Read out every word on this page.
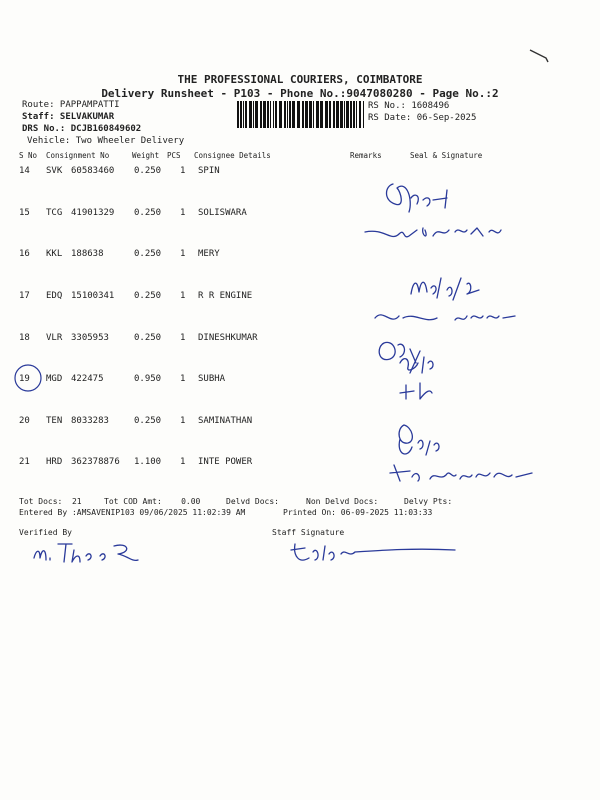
THE PROFESSIONAL COURIERS, COIMBATORE
Delivery Runsheet - P103 - Phone No.:9047080280 - Page No.:2
Route: PAPPAMPATTI
Staff: SELVAKUMAR
DRS No.: DCJB160849602
Vehicle: Two Wheeler Delivery
RS No.: 1608496
RS Date: 06-Sep-2025
S No Consignment No	Weight PCS Consignee Details	Remarks	Seal & Signature
14 SVK 60583460 0.250 1 SPIN
15 TCG 41901329 0.250 1 SOLISWARA
16 KKL 188638	0.250 1 MERY
17 EDQ 15100341 0.250 1 R R ENGINE
18 VLR 3305953	0.250 1 DINESHKUMAR
19 MGD 422475	0.950 1 SUBHA
20 TEN 8033283	0.250 1 SAMINATHAN
21 HRD 362378876 1.100 1 INTE POWER
Tot Docs:  21	Tot COD Amt:    0.00	Delvd Docs:	Non Delvd Docs:	Delvy Pts:
Entered By :AMSAVENIP103 09/06/2025 11:02:39 AM	Printed On: 06-09-2025 11:03:33
Verified By	Staff Signature
